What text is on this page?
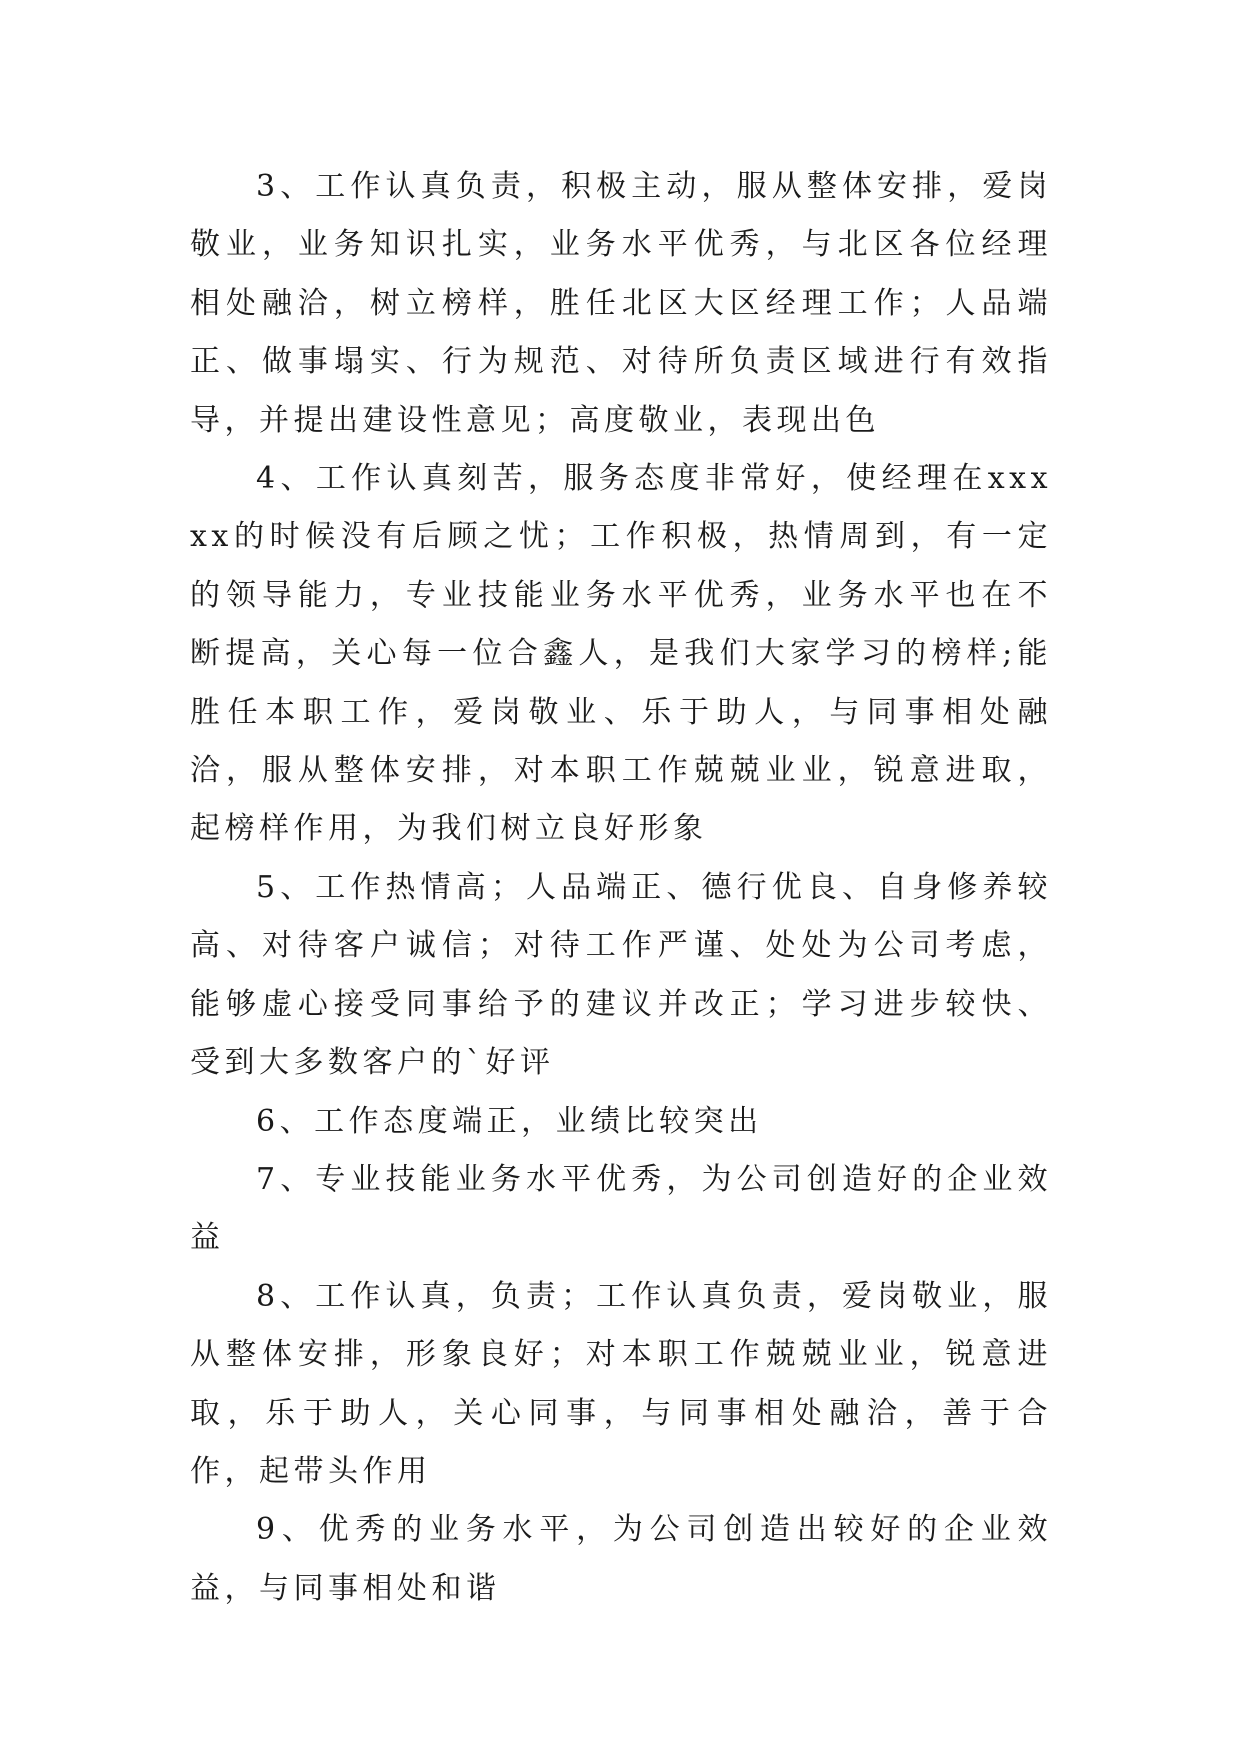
3、工作认真负责，积极主动，服从整体安排，爱岗敬业，业务知识扎实，业务水平优秀，与北区各位经理相处融洽，树立榜样，胜任北区大区经理工作；人品端正、做事塌实、行为规范、对待所负责区域进行有效指导，并提出建设性意见；高度敬业，表现出色

4、工作认真刻苦，服务态度非常好，使经理在xxxxx的时候没有后顾之忧；工作积极，热情周到，有一定的领导能力，专业技能业务水平优秀，业务水平也在不断提高，关心每一位合鑫人，是我们大家学习的榜样;能胜任本职工作，爱岗敬业、乐于助人，与同事相处融洽，服从整体安排，对本职工作兢兢业业，锐意进取，起榜样作用，为我们树立良好形象

5、工作热情高；人品端正、德行优良、自身修养较高、对待客户诚信；对待工作严谨、处处为公司考虑，能够虚心接受同事给予的建议并改正；学习进步较快、受到大多数客户的`好评

6、工作态度端正，业绩比较突出

7、专业技能业务水平优秀，为公司创造好的企业效益

8、工作认真，负责；工作认真负责，爱岗敬业，服从整体安排，形象良好；对本职工作兢兢业业，锐意进取，乐于助人，关心同事，与同事相处融洽，善于合作，起带头作用

9、优秀的业务水平，为公司创造出较好的企业效益，与同事相处和谐
